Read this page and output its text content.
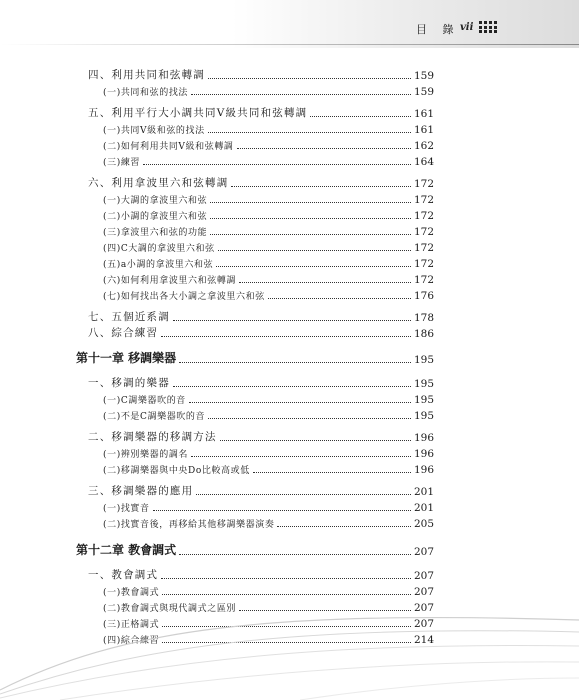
目 錄 vii
四、利用共同和弦轉調	159
(一)共同和弦的找法	159
五、利用平行大小調共同V級共同和弦轉調	161
(一)共同V級和弦的找法	161
(二)如何利用共同V級和弦轉調	162
(三)練習	164
六、利用拿波里六和弦轉調	172
(一)大調的拿波里六和弦	172
(二)小調的拿波里六和弦	172
(三)拿波里六和弦的功能	172
(四)C大調的拿波里六和弦	172
(五)a小調的拿波里六和弦	172
(六)如何利用拿波里六和弦轉調	172
(七)如何找出各大小調之拿波里六和弦	176
七、五個近系調	178
八、綜合練習	186
第十一章 移調樂器	195
一、移調的樂器	195
(一)C調樂器吹的音	195
(二)不是C調樂器吹的音	195
二、移調樂器的移調方法	196
(一)辨別樂器的調名	196
(二)移調樂器與中央Do比較高或低	196
三、移調樂器的應用	201
(一)找實音	201
(二)找實音後，再移給其他移調樂器演奏	205
第十二章 教會調式	207
一、教會調式	207
(一)教會調式	207
(二)教會調式與現代調式之區別	207
(三)正格調式	207
(四)綜合練習	214
